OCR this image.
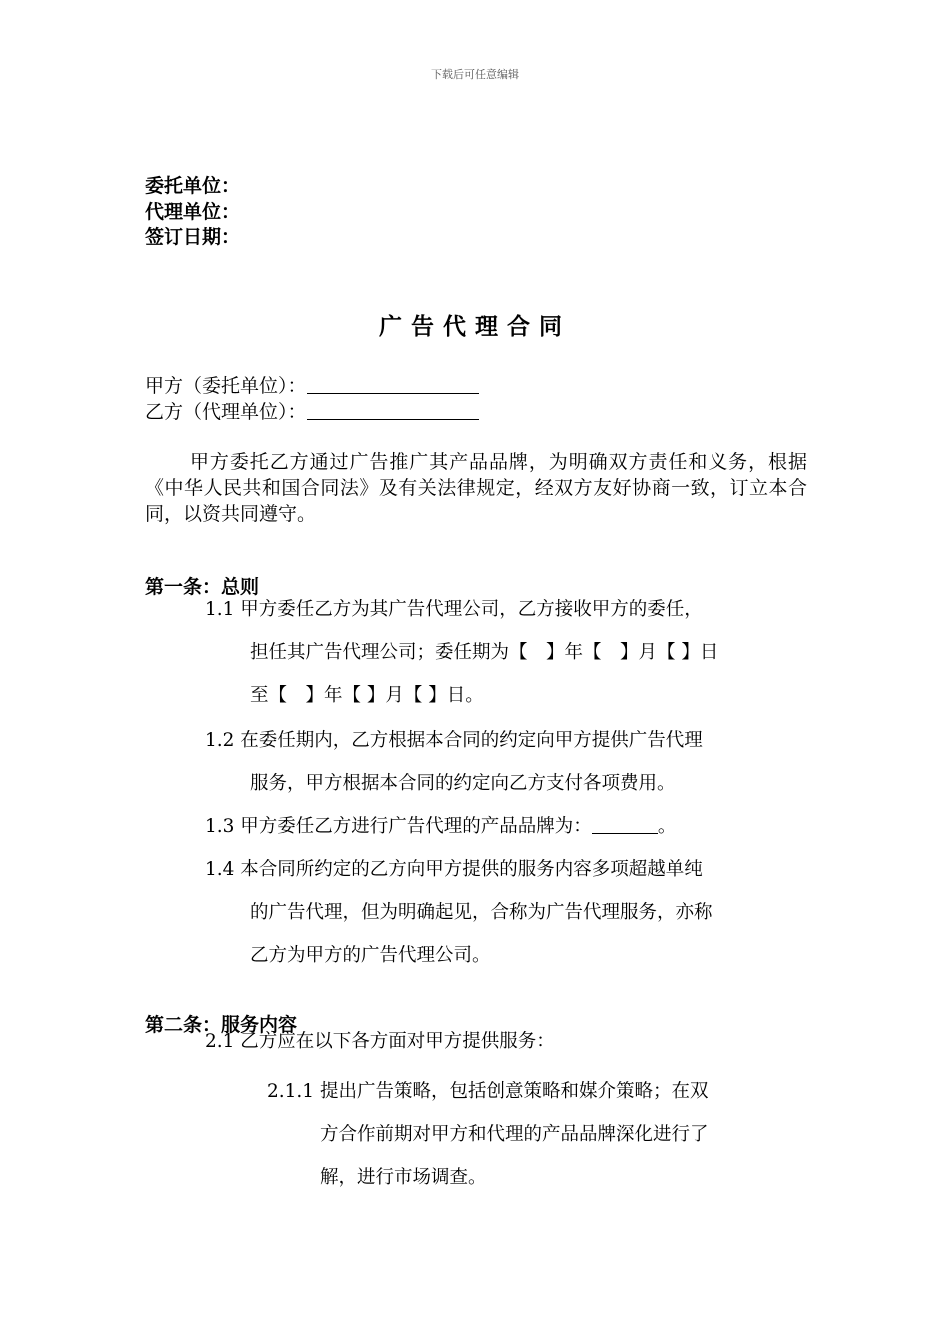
下载后可任意编辑
委托单位：
代理单位：
签订日期：
广告代理合同
甲方（委托单位）：
乙方（代理单位）：
甲方委托乙方通过广告推广其产品品牌，为明确双方责任和义务，根据《中华人民共和国合同法》及有关法律规定，经双方友好协商一致，订立本合同，以资共同遵守。
第一条：总则
1.1 甲方委任乙方为其广告代理公司，乙方接收甲方的委任，
担任其广告代理公司；委任期为【　】年【　】月【 】日
至【　】年【 】月【 】日。
1.2 在委任期内，乙方根据本合同的约定向甲方提供广告代理
服务，甲方根据本合同的约定向乙方支付各项费用。
1.3 甲方委任乙方进行广告代理的产品品牌为：	。
1.4 本合同所约定的乙方向甲方提供的服务内容多项超越单纯
的广告代理，但为明确起见，合称为广告代理服务，亦称
乙方为甲方的广告代理公司。
第二条：服务内容
2.1 乙方应在以下各方面对甲方提供服务：
2.1.1 提出广告策略，包括创意策略和媒介策略；在双
方合作前期对甲方和代理的产品品牌深化进行了
解，进行市场调查。
